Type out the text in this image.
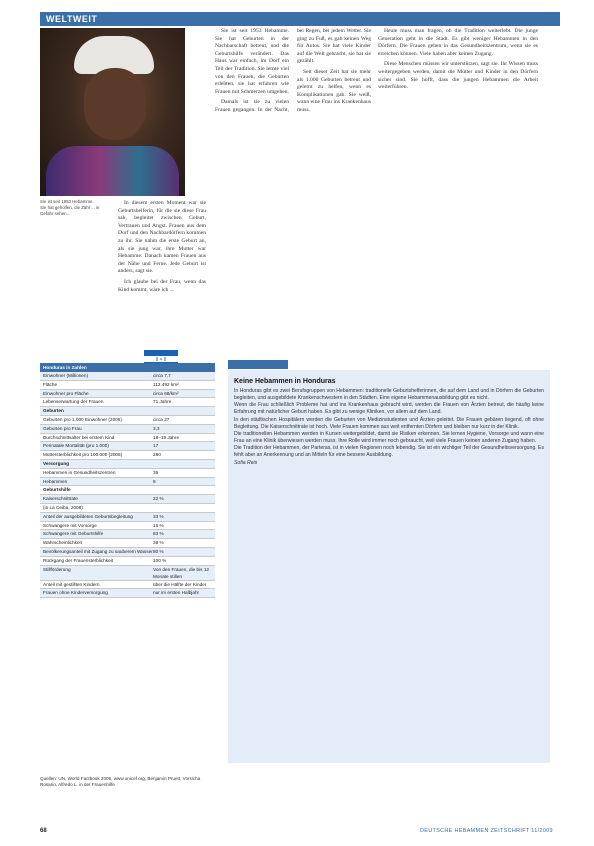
WELTWEIT
Sie ist seit 1953 Hebamme. Sie hat geholfen, die Zahl ... in Gefahr sehen...

In diesem ersten Moment war sie Geburtshelferin, für die sie diese Frau sah, begleitet zwischen Geburt, Vertrauen und Angst. Frauen aus dem Dorf und den Nachbardörfern kommen zu ihr. Sie nahm die erste Geburt an, als sie jung war, ihre Mutter war Hebamme. Danach kamen Frauen aus der Nähe und Ferne. Jede Geburt ist anders, sagt sie.

Ich glaube bei der Frau, wenn das Kind kommt, wäre ich ...

Sie ist seit 1953 Hebamme. Sie hat Geburten in der Nachbarschaft betreut, und die Geburtshilfe verändert. Das Haus war einfach, im Dorf ein Teil der Tradition. Sie lernte viel von den Frauen, die Geburten erlebten, sie hat erfahren wie Frauen mit Schmerzen umgehen.

Damals ist sie zu vielen Frauen gegangen. In der Nacht, bei Regen, bei jedem Wetter. Sie ging zu Fuß, es gab keinen Weg für Autos. Sie hat viele Kinder auf die Welt gebracht, sie hat sie gezählt.

Seit dieser Zeit hat sie mehr als 1.000 Geburten betreut und gelernt zu helfen, wenn es Komplikationen gab. Sie weiß, wann eine Frau ins Krankenhaus muss.

Heute muss man fragen, ob die Tradition weiterlebt. Die junge Generation geht in die Stadt. Es gibt weniger Hebammen in den Dörfern. Die Frauen gehen in das Gesundheitszentrum, wenn sie es erreichen können. Viele haben aber keinen Zugang.

Diese Menschen müssen wir unterstützen, sagt sie. Ihr Wissen muss weitergegeben werden, damit die Mütter und Kinder in den Dörfern sicher sind. Sie hofft, dass die jungen Hebammen die Arbeit weiterführen.

Honduras in Zahlen
Einwohner (Millionen)	circa 7,7
Fläche	112.492 km²
Einwohner pro Fläche	circa 68/km²
Lebenserwartung der Frauen	71 Jahre
Geburten
Geburten pro 1.000 Einwohner (2006)	circa 27
Geburten pro Frau	3,3
Durchschnittsalter bei erstem Kind	18–19 Jahre
Perinatale Mortalität (pro 1.000)	17
Müttersterblichkeit pro 100.000 (2005)	280
Versorgung
Hebammen in Gesundheitszentren	36
Hebammen	9
Geburtshilfe
Kaiserschnittrate	22 %
(in La Ceiba, 2008)
Anteil der ausgebildeten Geburtsbegleitung	33 %
Schwangere mit Vorsorge	16 %
Schwangere mit Geburtshilfe	83 %
Wahrscheinlichkeit	38 %
Bevölkerungsanteil mit Zugang zu sauberem Wasser 80 %
Rückgang der Frauensterblichkeit	100 %
Stillförderung	Von den Frauen, die bis 12 Monate stillen
Anteil mit gestillten Kindern	über die Hälfte der Kinder
Frauen ohne Kinderversorgung	nur im ersten Halbjahr
Quellen: UN, World Factbook 2006, www.unicef.org, Benjamin Pruett, Vorsicha Rosario, Alfredo L. in der Frauenhilfe
Keine Hebammen in Honduras

In Honduras gibt es zwei Berufsgruppen von Hebammen: traditionelle Geburtshelferinnen, die auf dem Land und in Dörfern die Geburten begleiten, und ausgebildete Krankenschwestern in den Städten. Eine eigene Hebammenausbildung gibt es nicht.

Wenn die Frau schließlich Probleme hat und ins Krankenhaus gebracht wird, werden die Frauen von Ärzten betreut, die häufig keine Erfahrung mit natürlicher Geburt haben. Es gibt zu wenige Kliniken, vor allem auf dem Land.

In den städtischen Hospitälern werden die Geburten von Medizinstudenten und Ärzten geleitet. Die Frauen gebären liegend, oft ohne Begleitung. Die Kaiserschnittrate ist hoch. Viele Frauen kommen aus weit entfernten Dörfern und bleiben nur kurz in der Klinik.

Die traditionellen Hebammen werden in Kursen weitergebildet, damit sie Risiken erkennen. Sie lernen Hygiene, Vorsorge und wann eine Frau an eine Klinik überwiesen werden muss. Ihre Rolle wird immer noch gebraucht, weil viele Frauen keinen anderen Zugang haben.

Die Tradition der Hebammen, der Parteras, ist in vielen Regionen noch lebendig. Sie ist ein wichtiger Teil der Gesundheitsversorgung. Es fehlt aber an Anerkennung und an Mitteln für eine bessere Ausbildung.

Sofia Reis
68	DEUTSCHE HEBAMMEN ZEITSCHRIFT 11/2009
